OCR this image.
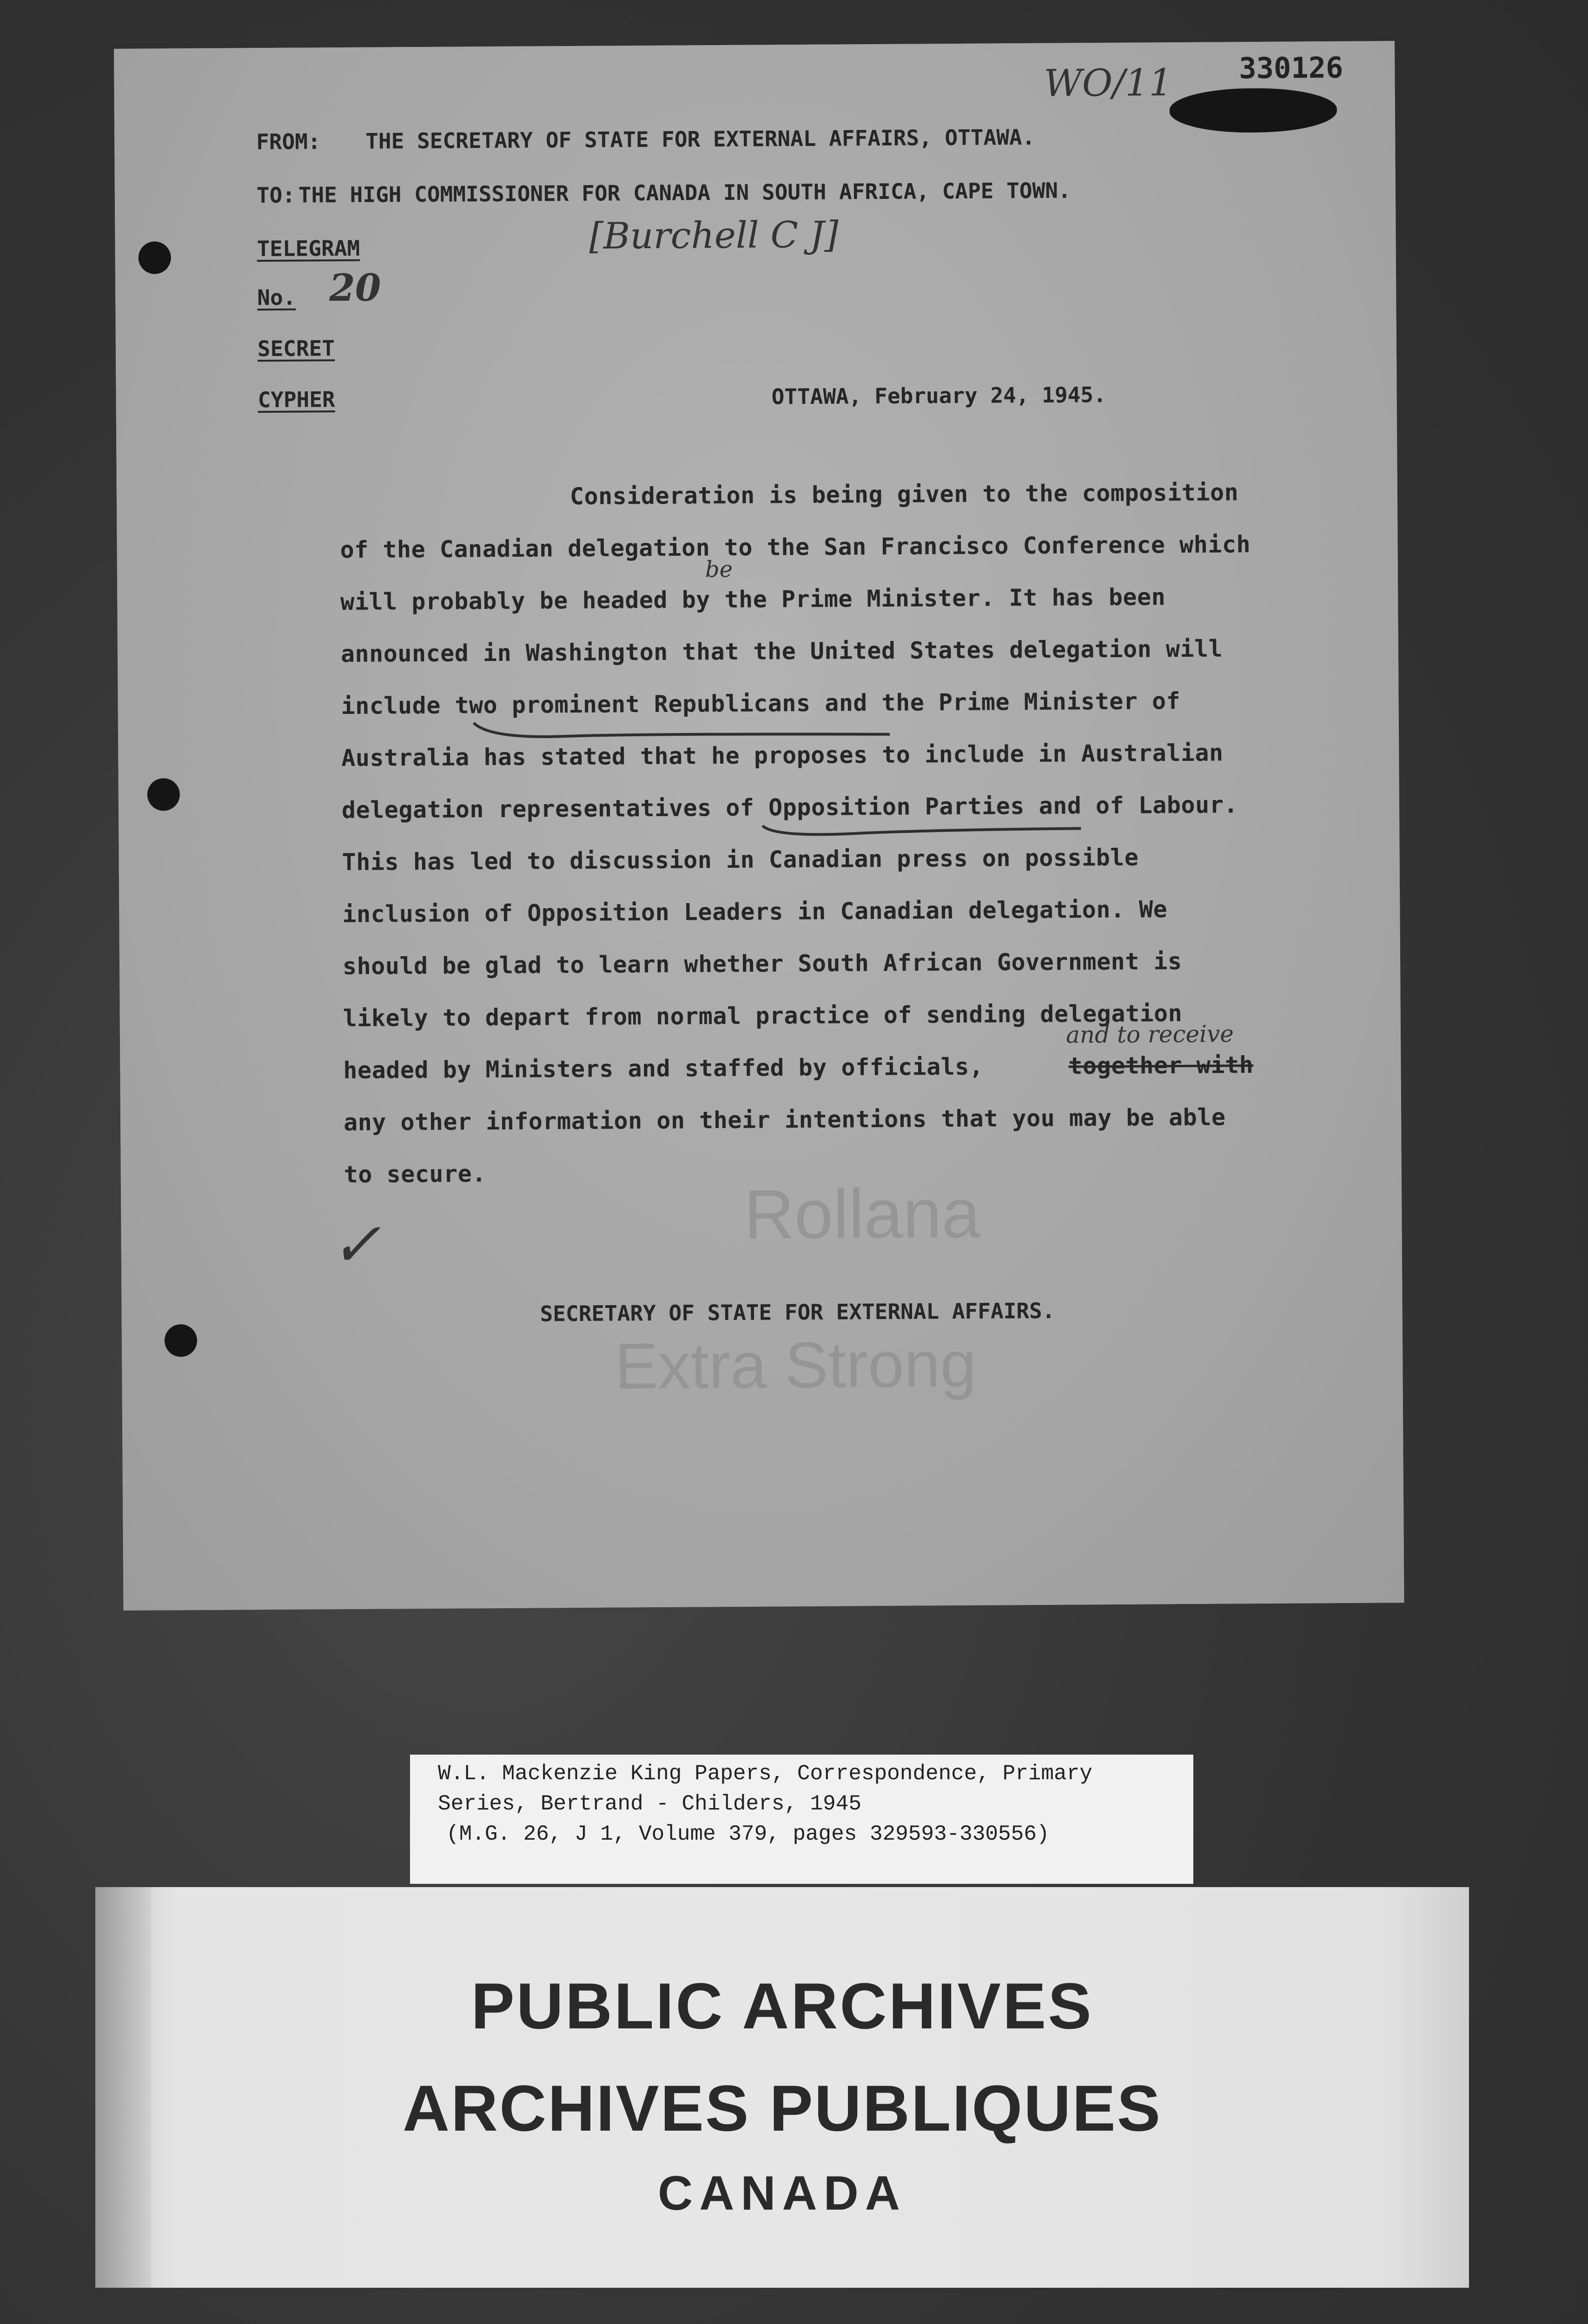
WO/11 330126
FROM: THE SECRETARY OF STATE FOR EXTERNAL AFFAIRS, OTTAWA.
TO: THE HIGH COMMISSIONER FOR CANADA IN SOUTH AFRICA, CAPE TOWN.
TELEGRAM	[Burchell C J]
No. 20
SECRET
CYPHER	OTTAWA, February 24, 1945.
Consideration is being given to the composition
of the Canadian delegation to the San Francisco Conference which
be
will probably be headed by the Prime Minister. It has been
announced in Washington that the United States delegation will
include two prominent Republicans and the Prime Minister of
Australia has stated that he proposes to include in Australian
delegation representatives of Opposition Parties and of Labour.
This has led to discussion in Canadian press on possible
inclusion of Opposition Leaders in Canadian delegation. We
should be glad to learn whether South African Government is
likely to depart from normal practice of sending delegation
and to receive
headed by Ministers and staffed by officials,	together with
any other information on their intentions that you may be able
to secure.
✓	Rollana
SECRETARY OF STATE FOR EXTERNAL AFFAIRS.
Extra Strong
W.L. Mackenzie King Papers, Correspondence, Primary
Series, Bertrand - Childers, 1945
(M.G. 26, J 1, Volume 379, pages 329593-330556)
PUBLIC ARCHIVES
ARCHIVES PUBLIQUES
CANADA
